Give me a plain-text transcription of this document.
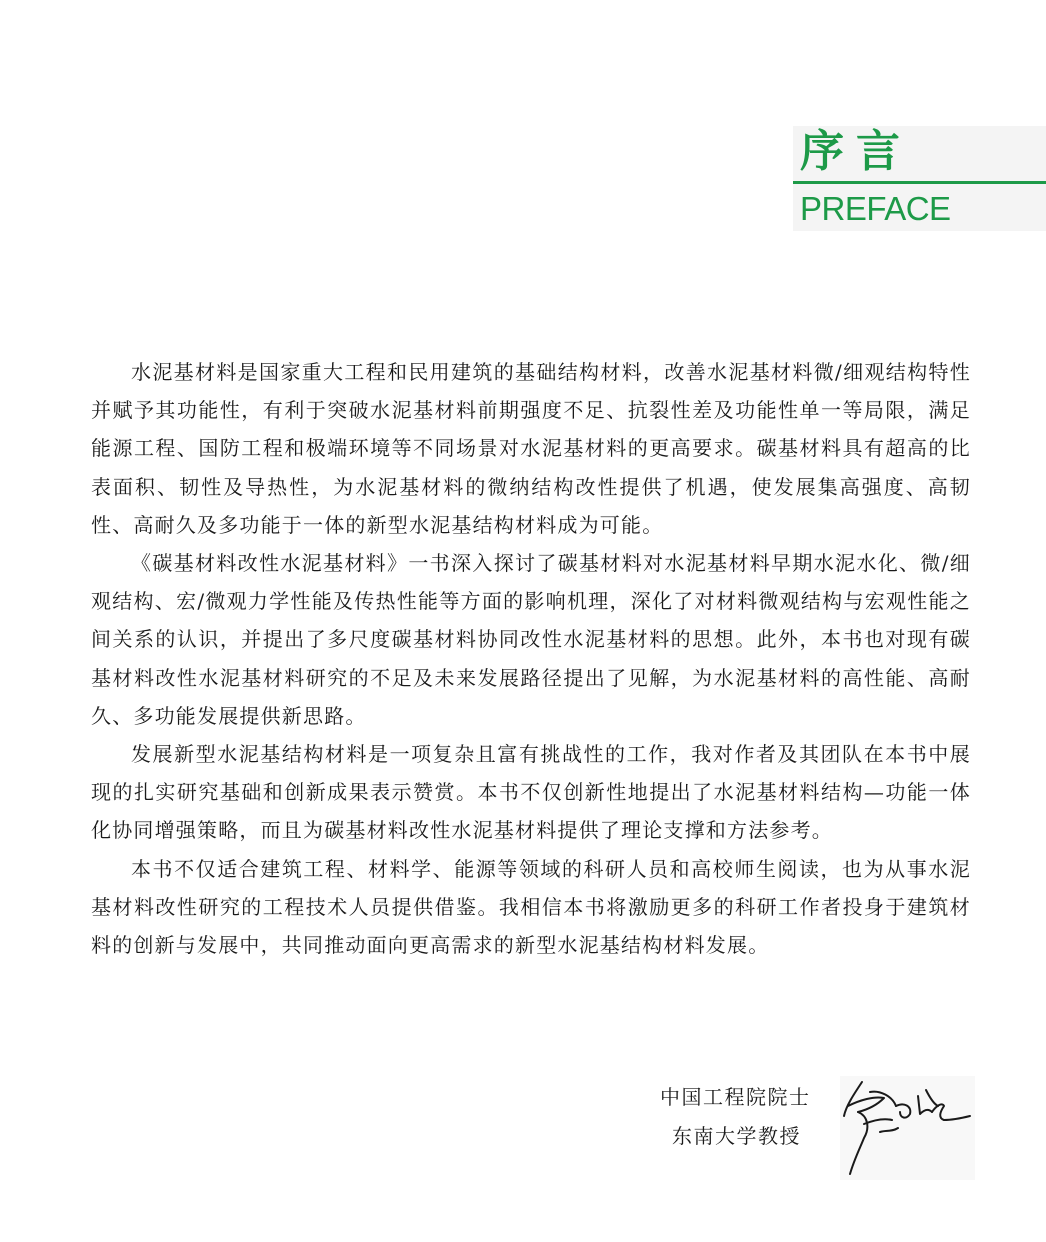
序言
PREFACE

水泥基材料是国家重大工程和民用建筑的基础结构材料，改善水泥基材料微/细观结构特性并赋予其功能性，有利于突破水泥基材料前期强度不足、抗裂性差及功能性单一等局限，满足能源工程、国防工程和极端环境等不同场景对水泥基材料的更高要求。碳基材料具有超高的比表面积、韧性及导热性，为水泥基材料的微纳结构改性提供了机遇，使发展集高强度、高韧性、高耐久及多功能于一体的新型水泥基结构材料成为可能。

《碳基材料改性水泥基材料》一书深入探讨了碳基材料对水泥基材料早期水泥水化、微/细观结构、宏/微观力学性能及传热性能等方面的影响机理，深化了对材料微观结构与宏观性能之间关系的认识，并提出了多尺度碳基材料协同改性水泥基材料的思想。此外，本书也对现有碳基材料改性水泥基材料研究的不足及未来发展路径提出了见解，为水泥基材料的高性能、高耐久、多功能发展提供新思路。

发展新型水泥基结构材料是一项复杂且富有挑战性的工作，我对作者及其团队在本书中展现的扎实研究基础和创新成果表示赞赏。本书不仅创新性地提出了水泥基材料结构—功能一体化协同增强策略，而且为碳基材料改性水泥基材料提供了理论支撑和方法参考。

本书不仅适合建筑工程、材料学、能源等领域的科研人员和高校师生阅读，也为从事水泥基材料改性研究的工程技术人员提供借鉴。我相信本书将激励更多的科研工作者投身于建筑材料的创新与发展中，共同推动面向更高需求的新型水泥基结构材料发展。

中国工程院院士
东南大学教授
